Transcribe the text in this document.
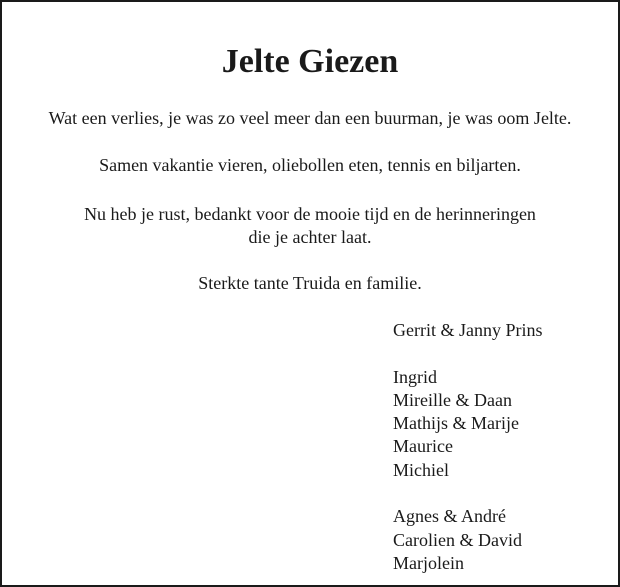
Jelte Giezen

Wat een verlies, je was zo veel meer dan een buurman, je was oom Jelte.

Samen vakantie vieren, oliebollen eten, tennis en biljarten.

Nu heb je rust, bedankt voor de mooie tijd en de herinneringen
die je achter laat.

Sterkte tante Truida en familie.

Gerrit & Janny Prins
Ingrid
Mireille & Daan
Mathijs & Marije
Maurice
Michiel
Agnes & André
Carolien & David
Marjolein
